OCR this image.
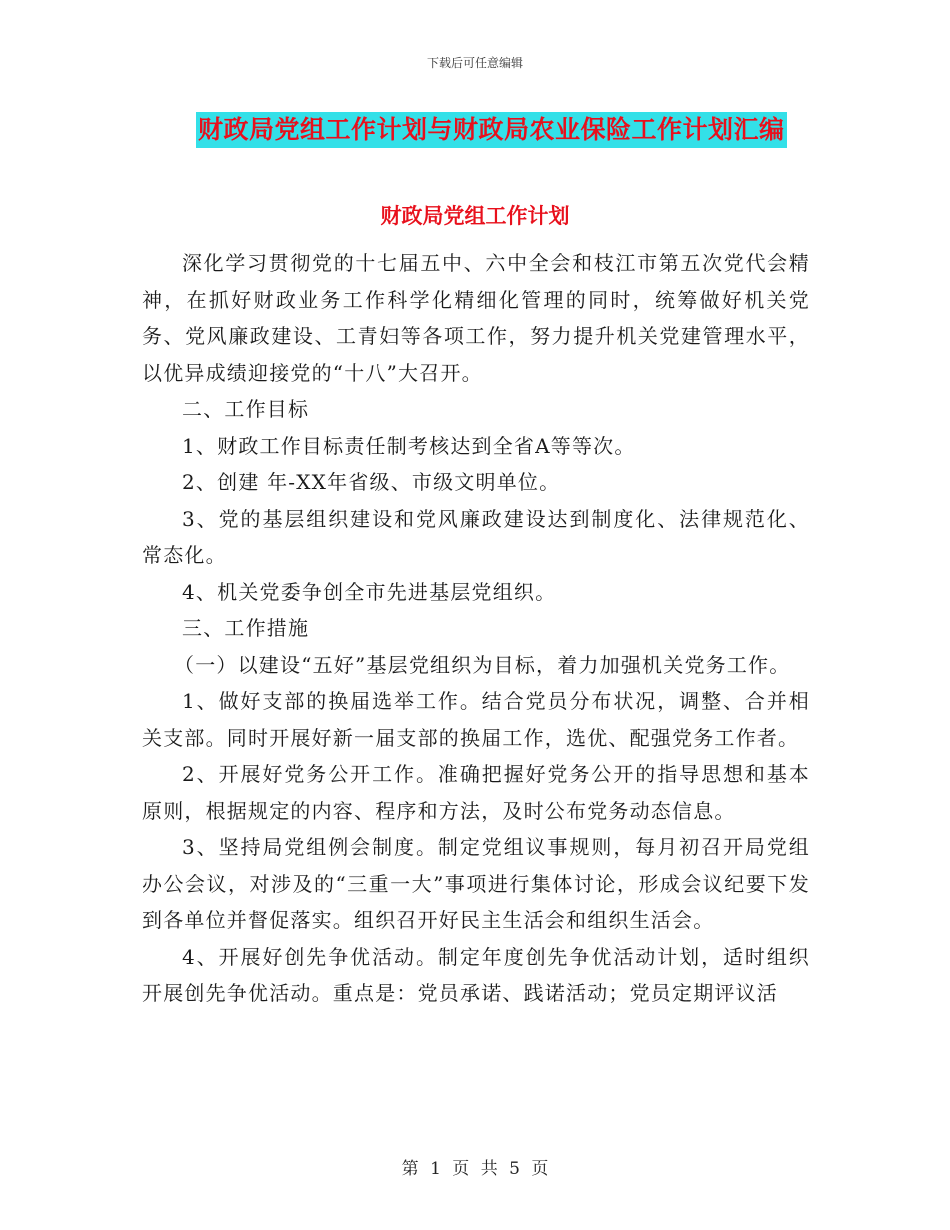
下载后可任意编辑
财政局党组工作计划与财政局农业保险工作计划汇编
财政局党组工作计划

深化学习贯彻党的十七届五中、六中全会和枝江市第五次党代会精神，在抓好财政业务工作科学化精细化管理的同时，统筹做好机关党务、党风廉政建设、工青妇等各项工作，努力提升机关党建管理水平，以优异成绩迎接党的“十八”大召开。

二、工作目标

1、财政工作目标责任制考核达到全省A等等次。

2、创建 年-XX年省级、市级文明单位。

3、党的基层组织建设和党风廉政建设达到制度化、法律规范化、常态化。

4、机关党委争创全市先进基层党组织。

三、工作措施

（一）以建设“五好”基层党组织为目标，着力加强机关党务工作。

1、做好支部的换届选举工作。结合党员分布状况，调整、合并相关支部。同时开展好新一届支部的换届工作，选优、配强党务工作者。

2、开展好党务公开工作。准确把握好党务公开的指导思想和基本原则，根据规定的内容、程序和方法，及时公布党务动态信息。

3、坚持局党组例会制度。制定党组议事规则，每月初召开局党组办公会议，对涉及的“三重一大”事项进行集体讨论，形成会议纪要下发到各单位并督促落实。组织召开好民主生活会和组织生活会。

4、开展好创先争优活动。制定年度创先争优活动计划，适时组织开展创先争优活动。重点是：党员承诺、践诺活动；党员定期评议活

第 1 页 共 5 页
